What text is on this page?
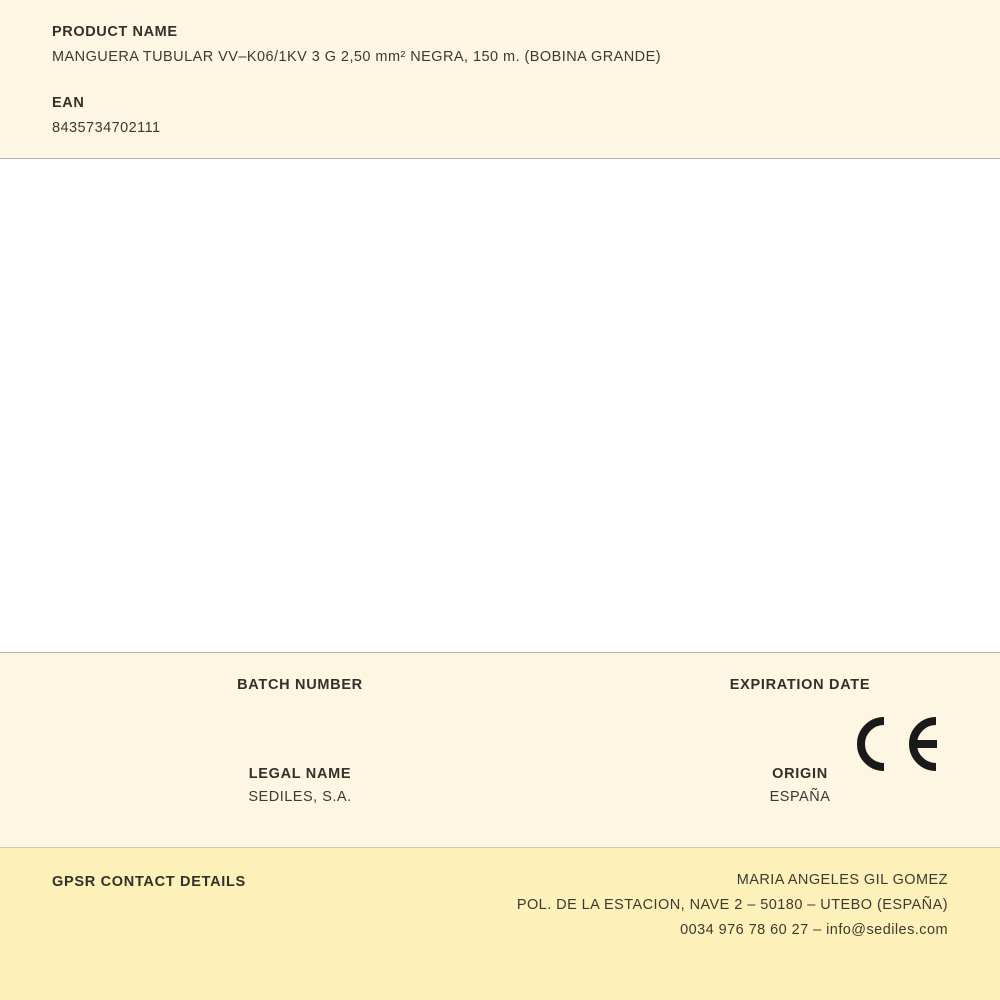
PRODUCT NAME

MANGUERA TUBULAR VV–K06/1KV 3 G 2,50 mm² NEGRA, 150 m. (BOBINA GRANDE)

EAN

8435734702111

BATCH NUMBER	EXPIRATION DATE

LEGAL NAME

SEDILES, S.A.

ORIGIN

ESPAÑA

GPSR CONTACT DETAILS	MARIA ANGELES GIL GOMEZ

POL. DE LA ESTACION, NAVE 2 – 50180 – UTEBO (ESPAÑA)

0034 976 78 60 27 – info@sediles.com
